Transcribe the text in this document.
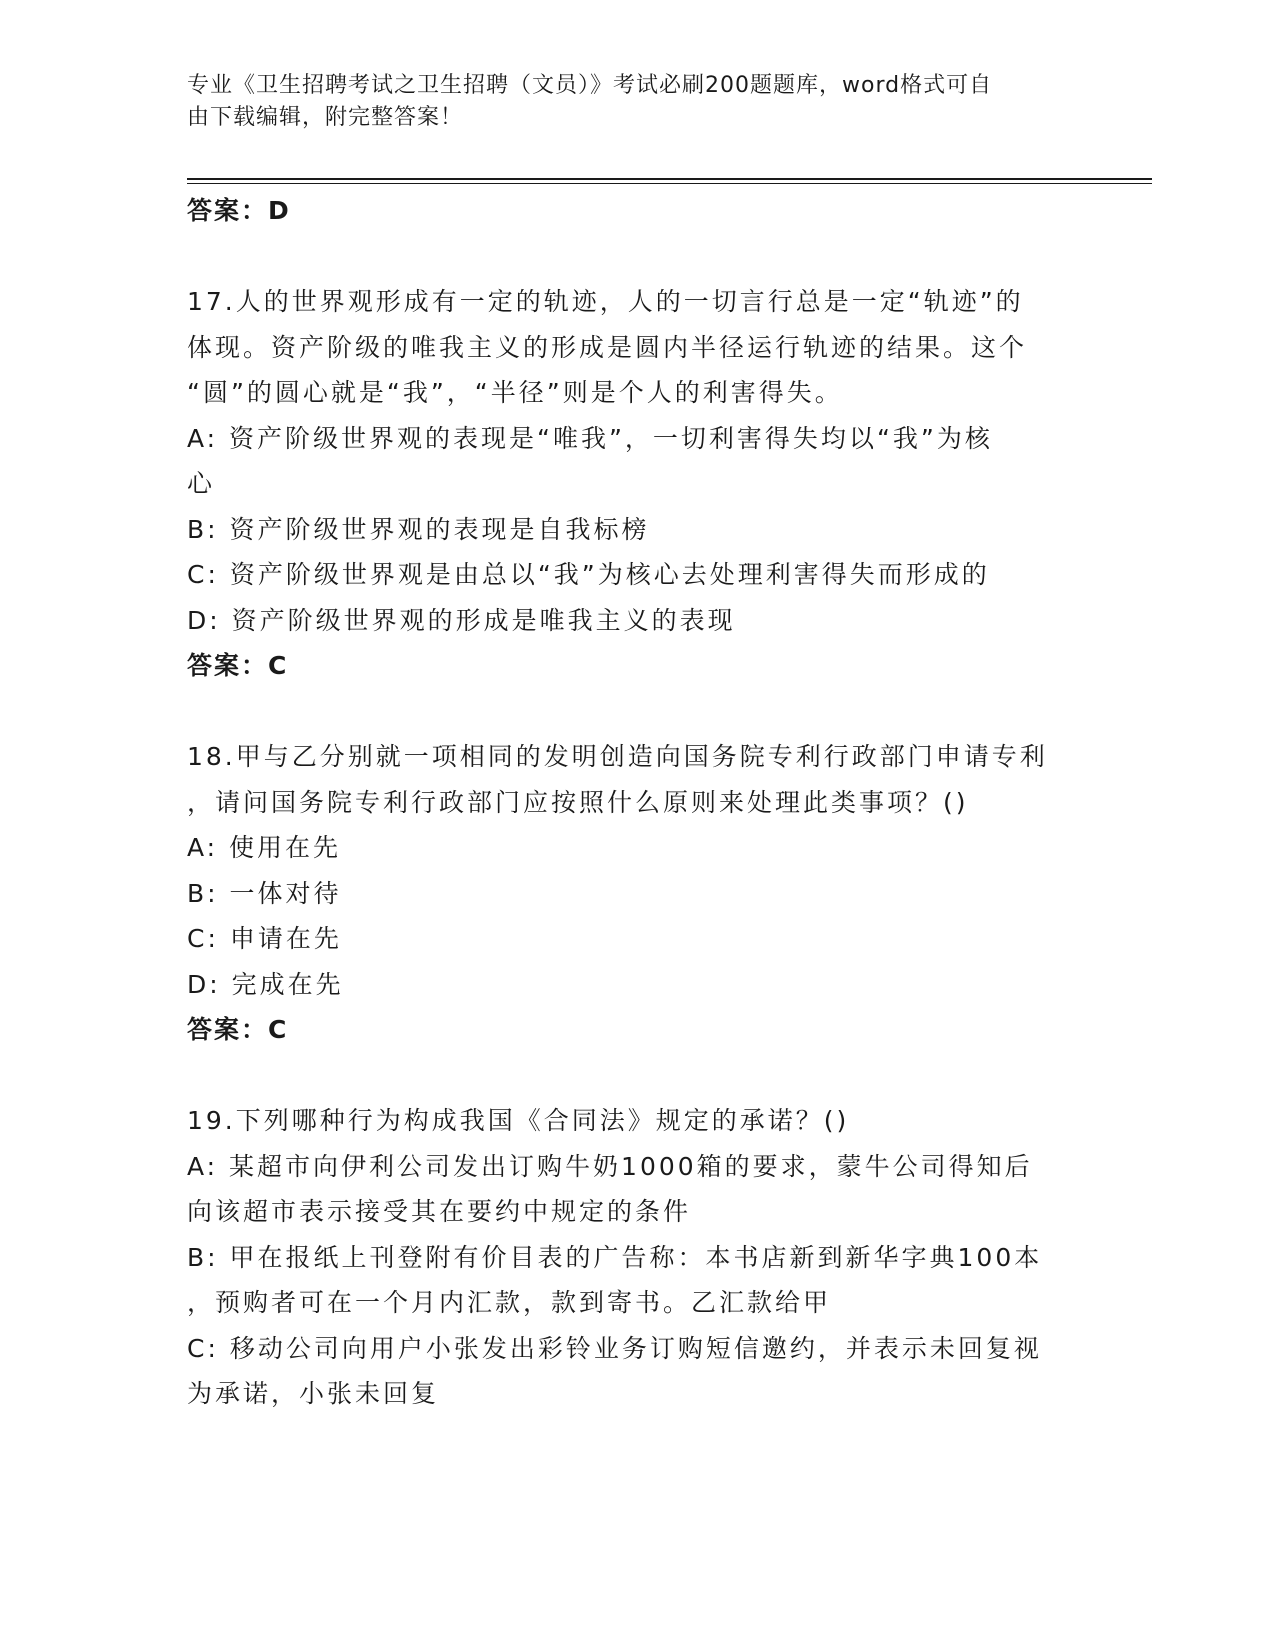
专业《卫生招聘考试之卫生招聘（文员）》考试必刷200题题库，word格式可自
由下载编辑，附完整答案！
答案：D
17.人的世界观形成有一定的轨迹，人的一切言行总是一定“轨迹”的
体现。资产阶级的唯我主义的形成是圆内半径运行轨迹的结果。这个
“圆”的圆心就是“我”，“半径”则是个人的利害得失。
A: 资产阶级世界观的表现是“唯我”，一切利害得失均以“我”为核
心
B: 资产阶级世界观的表现是自我标榜
C: 资产阶级世界观是由总以“我”为核心去处理利害得失而形成的
D: 资产阶级世界观的形成是唯我主义的表现
答案：C
18.甲与乙分别就一项相同的发明创造向国务院专利行政部门申请专利
，请问国务院专利行政部门应按照什么原则来处理此类事项？()
A: 使用在先
B: 一体对待
C: 申请在先
D: 完成在先
答案：C
19.下列哪种行为构成我国《合同法》规定的承诺？()
A: 某超市向伊利公司发出订购牛奶1000箱的要求，蒙牛公司得知后
向该超市表示接受其在要约中规定的条件
B: 甲在报纸上刊登附有价目表的广告称：本书店新到新华字典100本
，预购者可在一个月内汇款，款到寄书。乙汇款给甲
C: 移动公司向用户小张发出彩铃业务订购短信邀约，并表示未回复视
为承诺，小张未回复
